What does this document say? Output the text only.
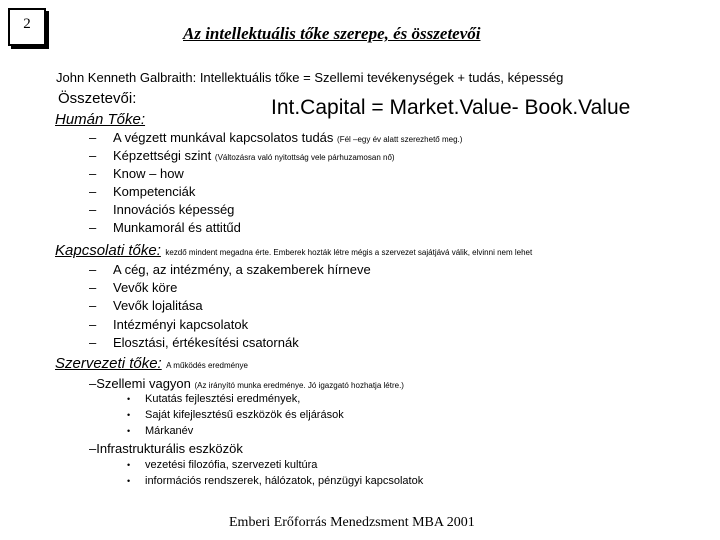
2	Az intellektuális tőke szerepe, és összetevői
John Kenneth Galbraith: Intellektuális tőke = Szellemi tevékenységek + tudás, képesség
Összetevői:	Int.Capital = Market.Value- Book.Value
Humán Tőke:
– A végzett munkával kapcsolatos tudás (Fél –egy év alatt szerezhető meg.)
– Képzettségi szint (Változásra való nyitottság vele párhuzamosan nő)
– Know – how
– Kompetenciák
– Innovációs képesség
– Munkamorál és attitűd
Kapcsolati tőke: kezdő mindent megadna érte. Emberek hozták létre mégis a szervezet sajátjává válik, elvinni nem lehet
– A cég, az intézmény, a szakemberek hírneve
– Vevők köre
– Vevők lojalitása
– Intézményi kapcsolatok
– Elosztási, értékesítési csatornák
Szervezeti tőke: A működés eredménye
–Szellemi vagyon (Az irányító munka eredménye. Jó igazgató hozhatja létre.)
• Kutatás fejlesztési eredmények,
• Saját kifejlesztésű eszközök és eljárások
• Márkanév
–Infrastrukturális eszközök
• vezetési filozófia, szervezeti kultúra
• információs rendszerek, hálózatok, pénzügyi kapcsolatok
Emberi Erőforrás Menedzsment MBA 2001
